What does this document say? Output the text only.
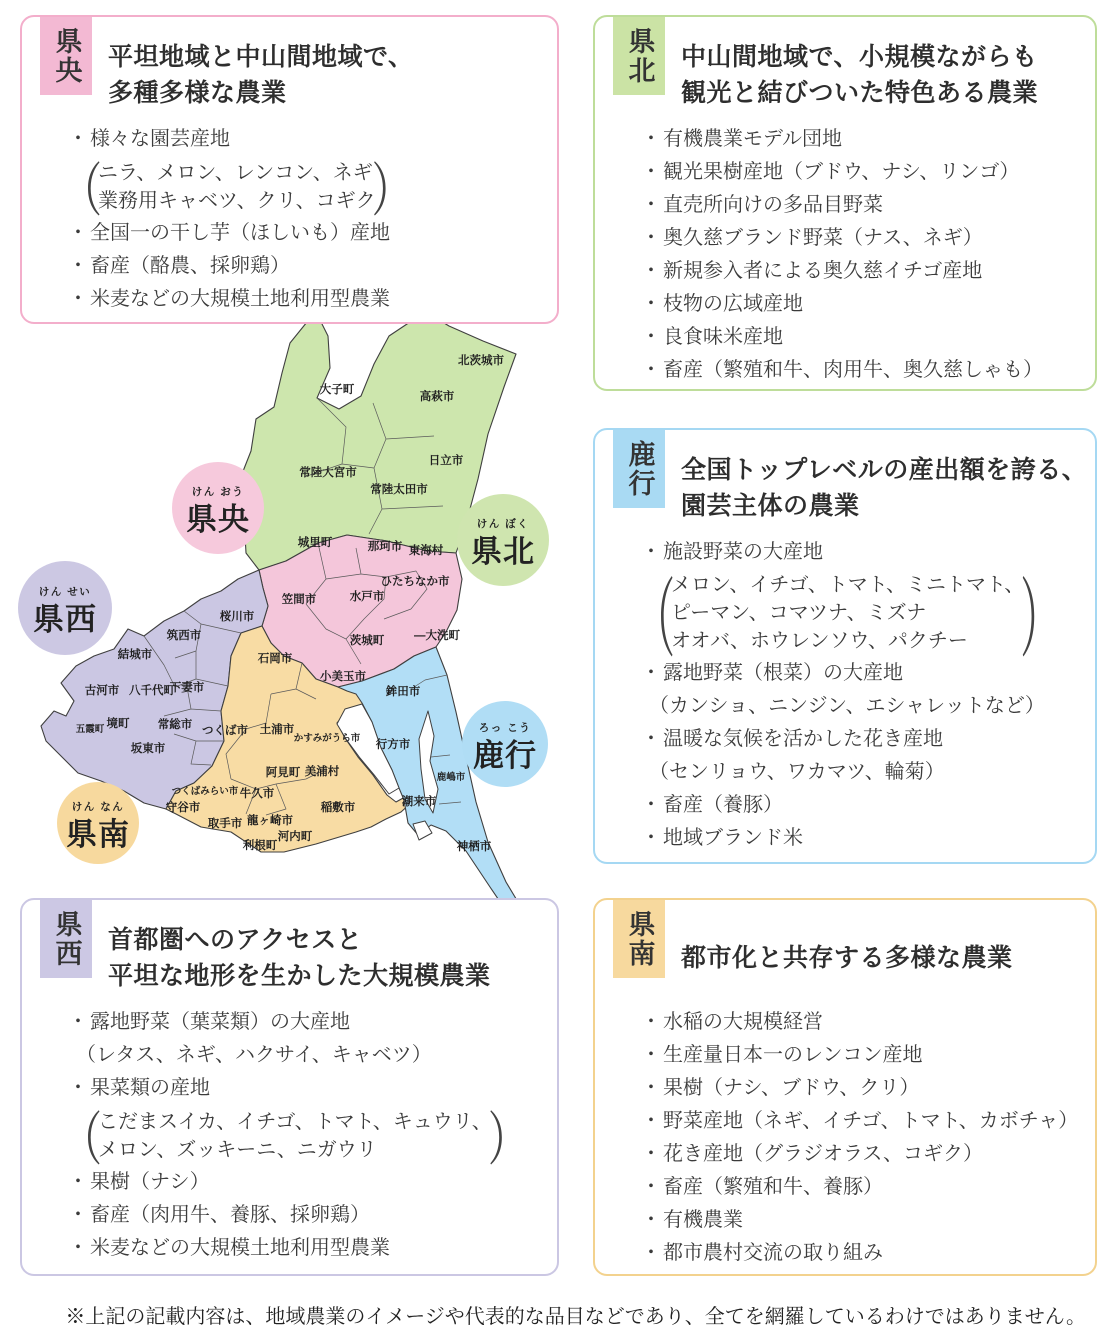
けん おう
県央	けん ぼく
県北
けん せい
県西
ろっ こう
鹿行
けん なん
県南
大子町
北茨城市
高萩市
常陸大宮市
常陸太田市
日立市
城里町	那珂市 東海村
ひたちなか市
水戸市
笠間市
茨城町	―大洗町
小美玉市
桜川市
筑西市
結城市
古河市 八千代町
下妻市
五霞町 境町 常総市
坂東市
石岡市
つくば市 土浦市
かすみがうら市
阿見町 美浦村
つくばみらい市 牛久市
守谷市
取手市 龍ヶ崎市
稲敷市
河内町
利根町
鉾田市
行方市
鹿嶋市
潮来市
神栖市
県央	平坦地域と中山間地域で、
多種多様な農業
・ 様々な園芸産地
（
ニラ、メロン、レンコン、ネギ
業務用キャベツ、クリ、コギク
）
・ 全国一の干し芋（ほしいも）産地
・ 畜産（酪農、採卵鶏）
・ 米麦などの大規模土地利用型農業
県北	中山間地域で、小規模ながらも
観光と結びついた特色ある農業
・ 有機農業モデル団地
・ 観光果樹産地（ブドウ、ナシ、リンゴ）
・ 直売所向けの多品目野菜
・ 奥久慈ブランド野菜（ナス、ネギ）
・ 新規参入者による奥久慈イチゴ産地
・ 枝物の広域産地
・ 良食味米産地
・ 畜産（繁殖和牛、肉用牛、奥久慈しゃも）
鹿行	全国トップレベルの産出額を誇る、
園芸主体の農業
・ 施設野菜の大産地
（
メロン、イチゴ、トマト、ミニトマト、
ピーマン、コマツナ、ミズナ
オオバ、ホウレンソウ、パクチー	）
・ 露地野菜（根菜）の大産地
（カンショ、ニンジン、エシャレットなど）
・ 温暖な気候を活かした花き産地
（センリョウ、ワカマツ、輪菊）
・ 畜産（養豚）
・ 地域ブランド米
県西	首都圏へのアクセスと
平坦な地形を生かした大規模農業
・ 露地野菜（葉菜類）の大産地
（レタス、ネギ、ハクサイ、キャベツ）
・ 果菜類の産地
（
こだまスイカ、イチゴ、トマト、キュウリ、
メロン、ズッキーニ、ニガウリ	）
・ 果樹（ナシ）
・ 畜産（肉用牛、養豚、採卵鶏）
・ 米麦などの大規模土地利用型農業
県南	都市化と共存する多様な農業
・ 水稲の大規模経営
・ 生産量日本一のレンコン産地
・ 果樹（ナシ、ブドウ、クリ）
・ 野菜産地（ネギ、イチゴ、トマト、カボチャ）
・ 花き産地（グラジオラス、コギク）
・ 畜産（繁殖和牛、養豚）
・ 有機農業
・ 都市農村交流の取り組み
※上記の記載内容は、地域農業のイメージや代表的な品目などであり、全てを網羅しているわけではありません。
